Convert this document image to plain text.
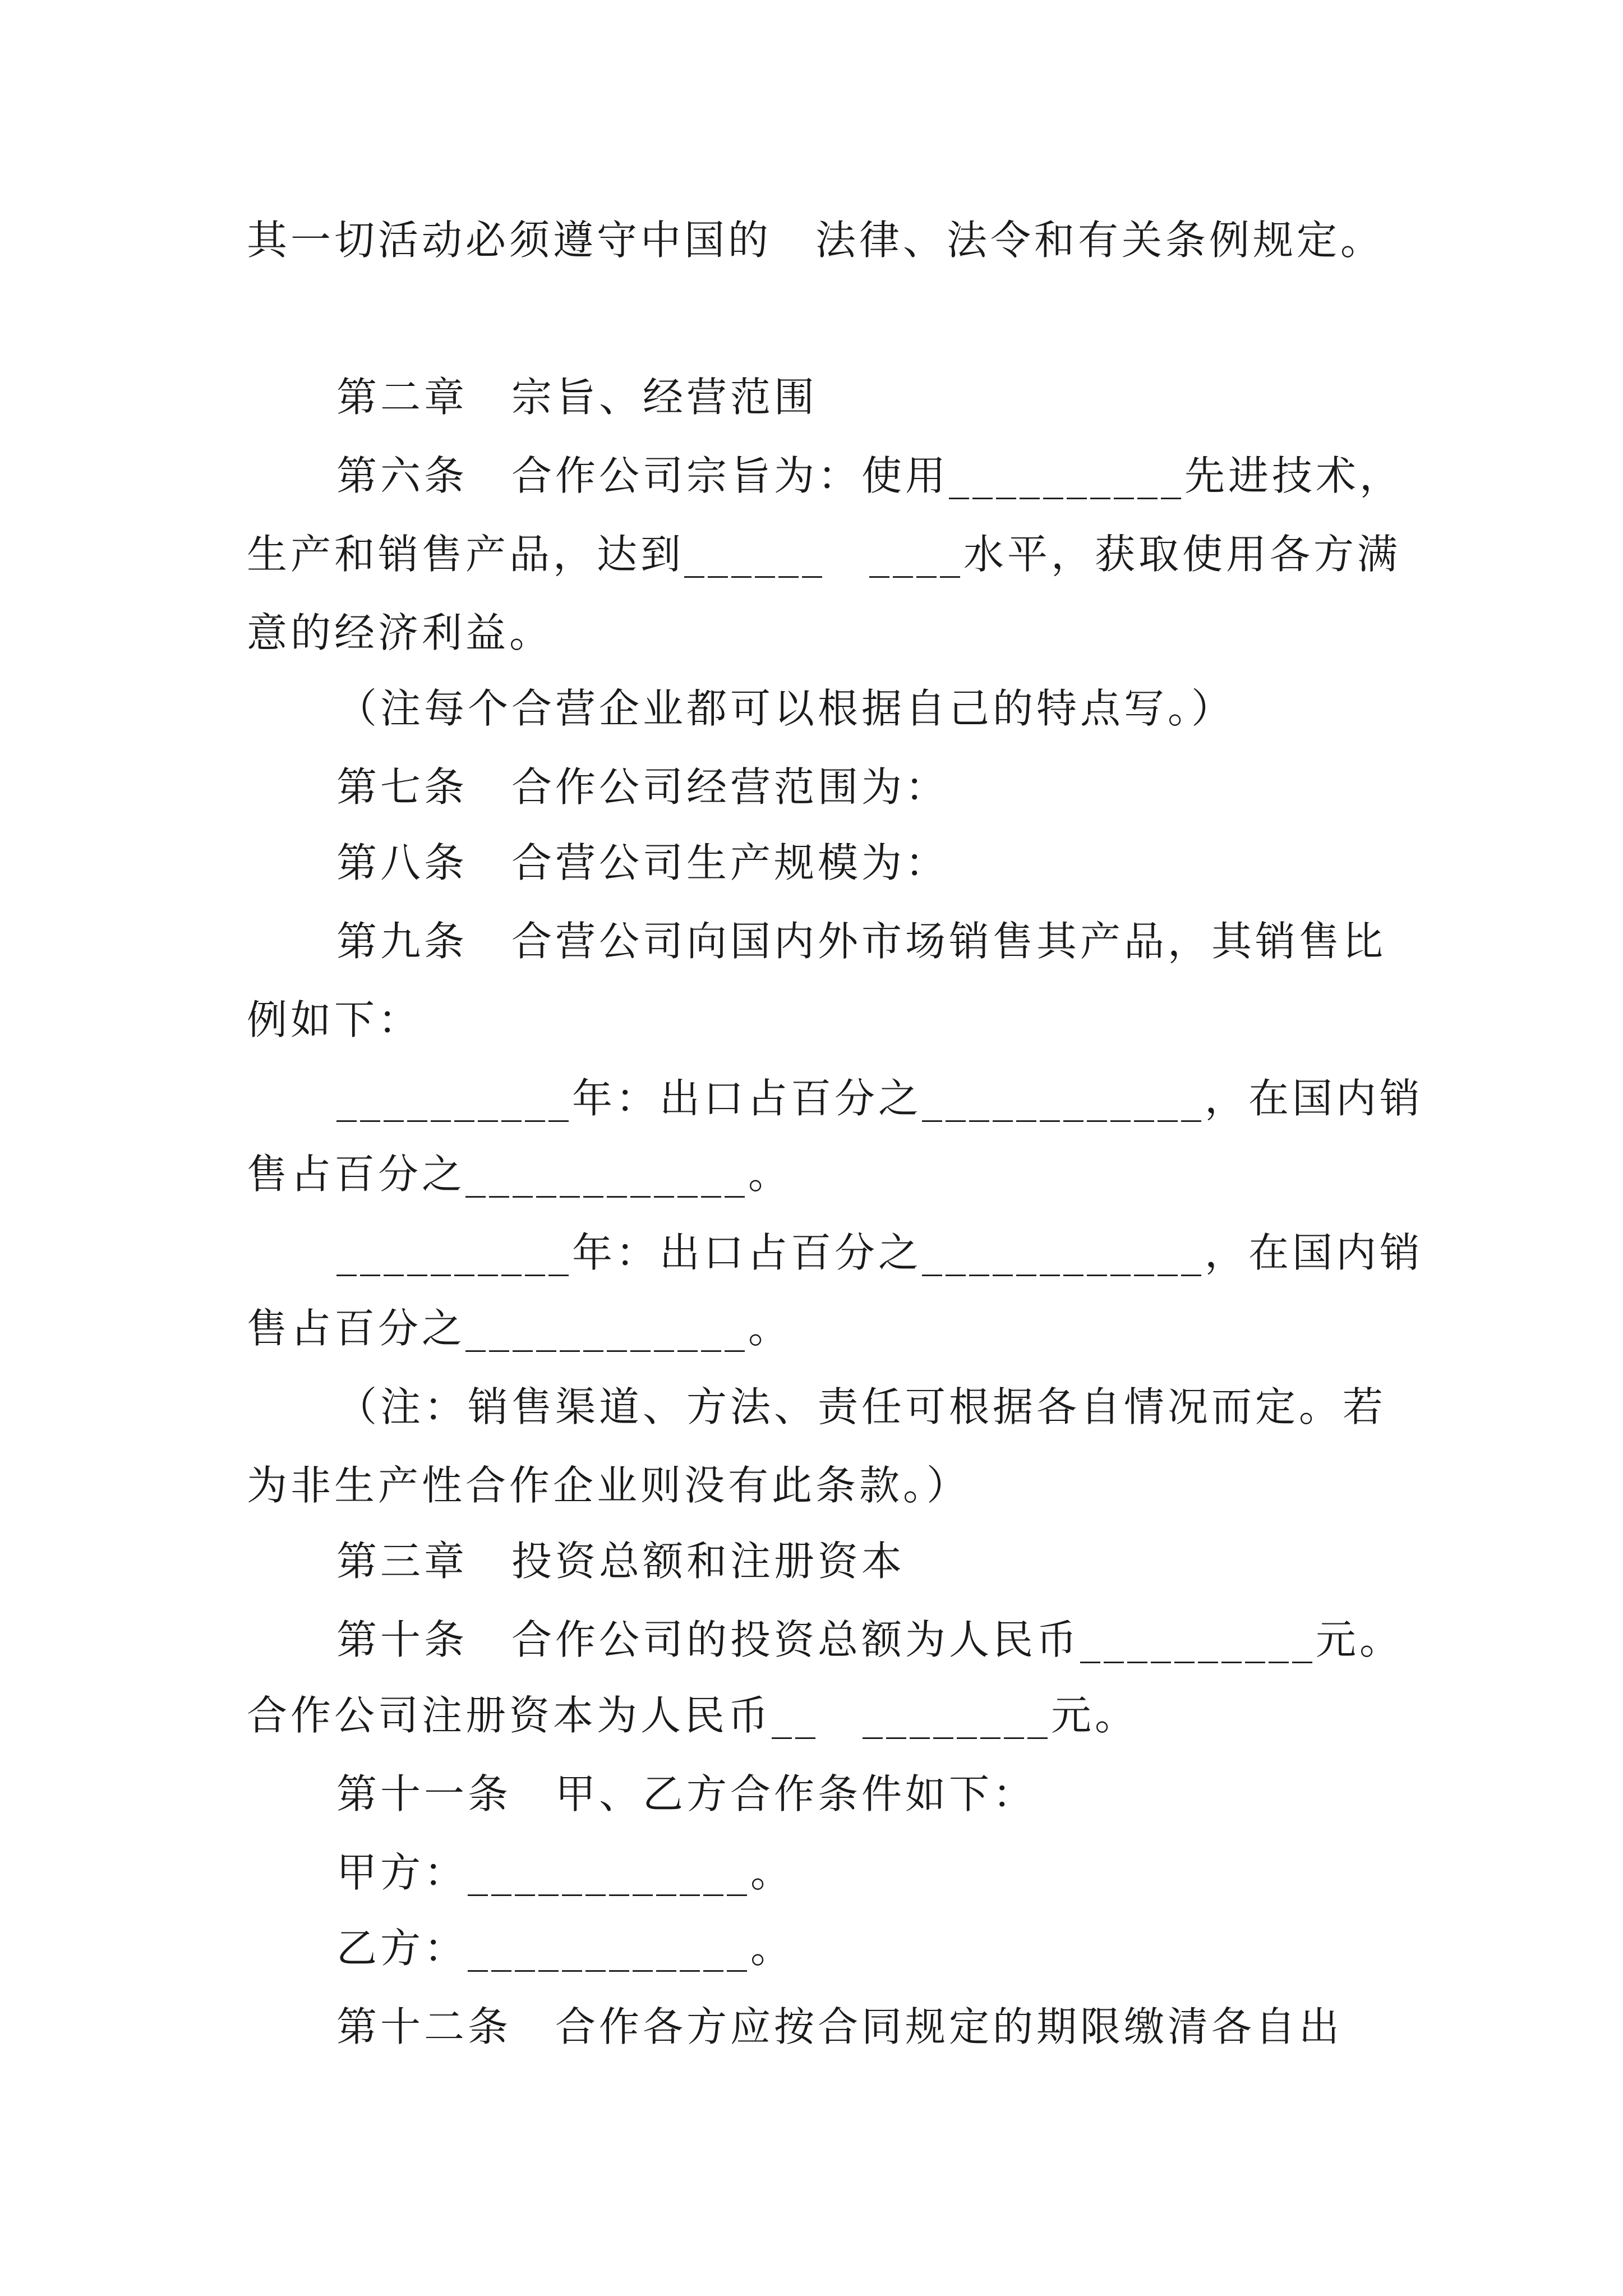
其一切活动必须遵守中国的　法律、法令和有关条例规定。
第二章　宗旨、经营范围
第六条　合作公司宗旨为：使用__________先进技术，
生产和销售产品，达到______　____水平，获取使用各方满
意的经济利益。
（注每个合营企业都可以根据自己的特点写。）
第七条　合作公司经营范围为：
第八条　合营公司生产规模为：
第九条　合营公司向国内外市场销售其产品，其销售比
例如下：
__________年：出口占百分之____________，在国内销
售占百分之____________。
__________年：出口占百分之____________，在国内销
售占百分之____________。
（注：销售渠道、方法、责任可根据各自情况而定。若
为非生产性合作企业则没有此条款。）
第三章　投资总额和注册资本
第十条　合作公司的投资总额为人民币__________元。
合作公司注册资本为人民币__　________元。
第十一条　甲、乙方合作条件如下：
甲方：____________。
乙方：____________。
第十二条　合作各方应按合同规定的期限缴清各自出
